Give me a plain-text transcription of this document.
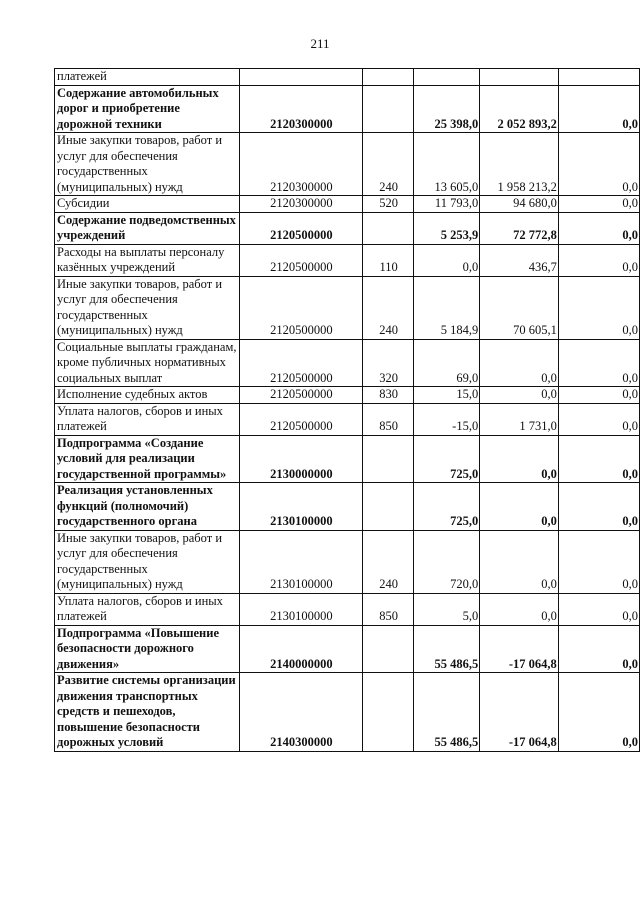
211
платежей					
Содержание автомобильных дорог и приобретение дорожной техники	2120300000		25 398,0	2 052 893,2	0,0
Иные закупки товаров, работ и услуг для обеспечения государственных (муниципальных) нужд	2120300000	240	13 605,0	1 958 213,2	0,0
Субсидии	2120300000	520	11 793,0	94 680,0	0,0
Содержание подведомственных учреждений	2120500000		5 253,9	72 772,8	0,0
Расходы на выплаты персоналу казённых учреждений	2120500000	110	0,0	436,7	0,0
Иные закупки товаров, работ и услуг для обеспечения государственных (муниципальных) нужд	2120500000	240	5 184,9	70 605,1	0,0
Социальные выплаты гражданам, кроме публичных нормативных социальных выплат	2120500000	320	69,0	0,0	0,0
Исполнение судебных актов	2120500000	830	15,0	0,0	0,0
Уплата налогов, сборов и иных платежей	2120500000	850	-15,0	1 731,0	0,0
Подпрограмма «Создание условий для реализации государственной программы»	2130000000		725,0	0,0	0,0
Реализация установленных функций (полномочий) государственного органа	2130100000		725,0	0,0	0,0
Иные закупки товаров, работ и услуг для обеспечения государственных (муниципальных) нужд	2130100000	240	720,0	0,0	0,0
Уплата налогов, сборов и иных платежей	2130100000	850	5,0	0,0	0,0
Подпрограмма «Повышение безопасности дорожного движения»	2140000000		55 486,5	-17 064,8	0,0
Развитие системы организации движения транспортных средств и пешеходов, повышение безопасности дорожных условий	2140300000		55 486,5	-17 064,8	0,0
